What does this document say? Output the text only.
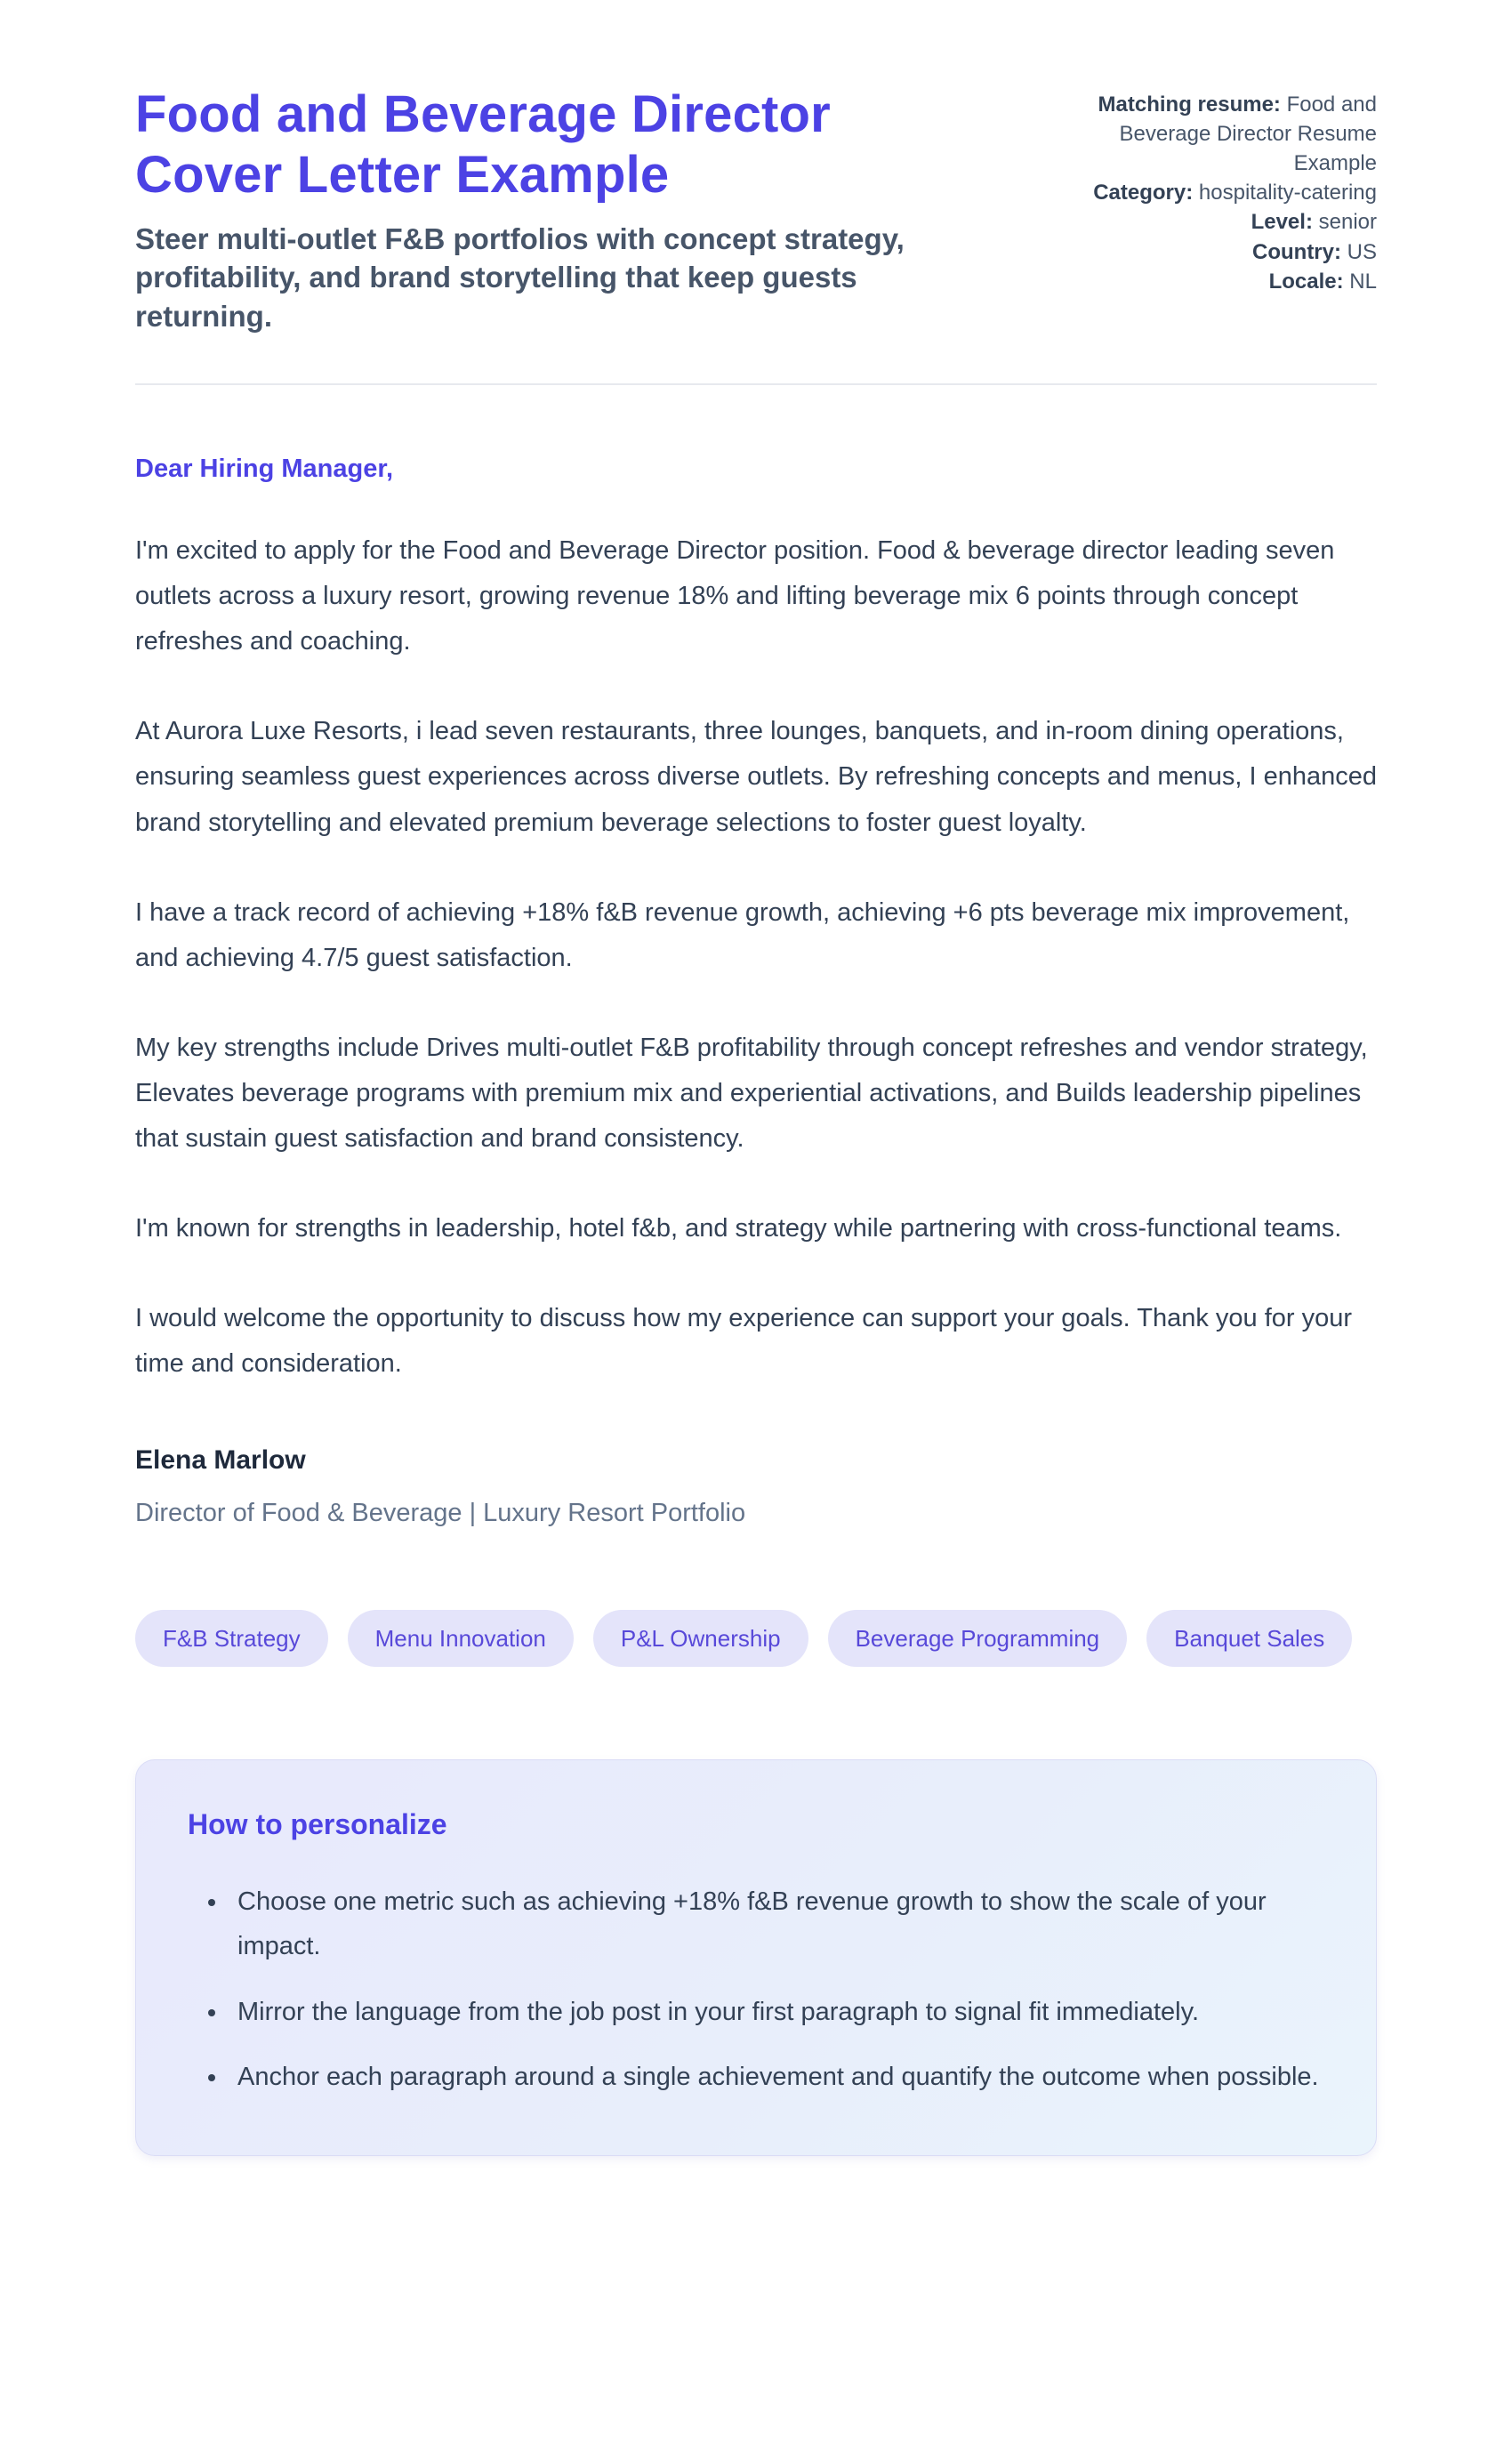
Food and Beverage Director Cover Letter Example
Steer multi-outlet F&B portfolios with concept strategy, profitability, and brand storytelling that keep guests returning.
Matching resume: Food and Beverage Director Resume Example
Category: hospitality-catering
Level: senior
Country: US
Locale: NL
Dear Hiring Manager,

I'm excited to apply for the Food and Beverage Director position. Food & beverage director leading seven outlets across a luxury resort, growing revenue 18% and lifting beverage mix 6 points through concept refreshes and coaching.

At Aurora Luxe Resorts, i lead seven restaurants, three lounges, banquets, and in-room dining operations, ensuring seamless guest experiences across diverse outlets. By refreshing concepts and menus, I enhanced brand storytelling and elevated premium beverage selections to foster guest loyalty.

I have a track record of achieving +18% f&B revenue growth, achieving +6 pts beverage mix improvement, and achieving 4.7/5 guest satisfaction.

My key strengths include Drives multi-outlet F&B profitability through concept refreshes and vendor strategy, Elevates beverage programs with premium mix and experiential activations, and Builds leadership pipelines that sustain guest satisfaction and brand consistency.

I'm known for strengths in leadership, hotel f&b, and strategy while partnering with cross-functional teams.

I would welcome the opportunity to discuss how my experience can support your goals. Thank you for your time and consideration.

Elena Marlow
Director of Food & Beverage | Luxury Resort Portfolio
F&B Strategy	Menu Innovation	P&L Ownership	Beverage Programming	Banquet Sales
How to personalize
• Choose one metric such as achieving +18% f&B revenue growth to show the scale of your impact.
• Mirror the language from the job post in your first paragraph to signal fit immediately.
• Anchor each paragraph around a single achievement and quantify the outcome when possible.
